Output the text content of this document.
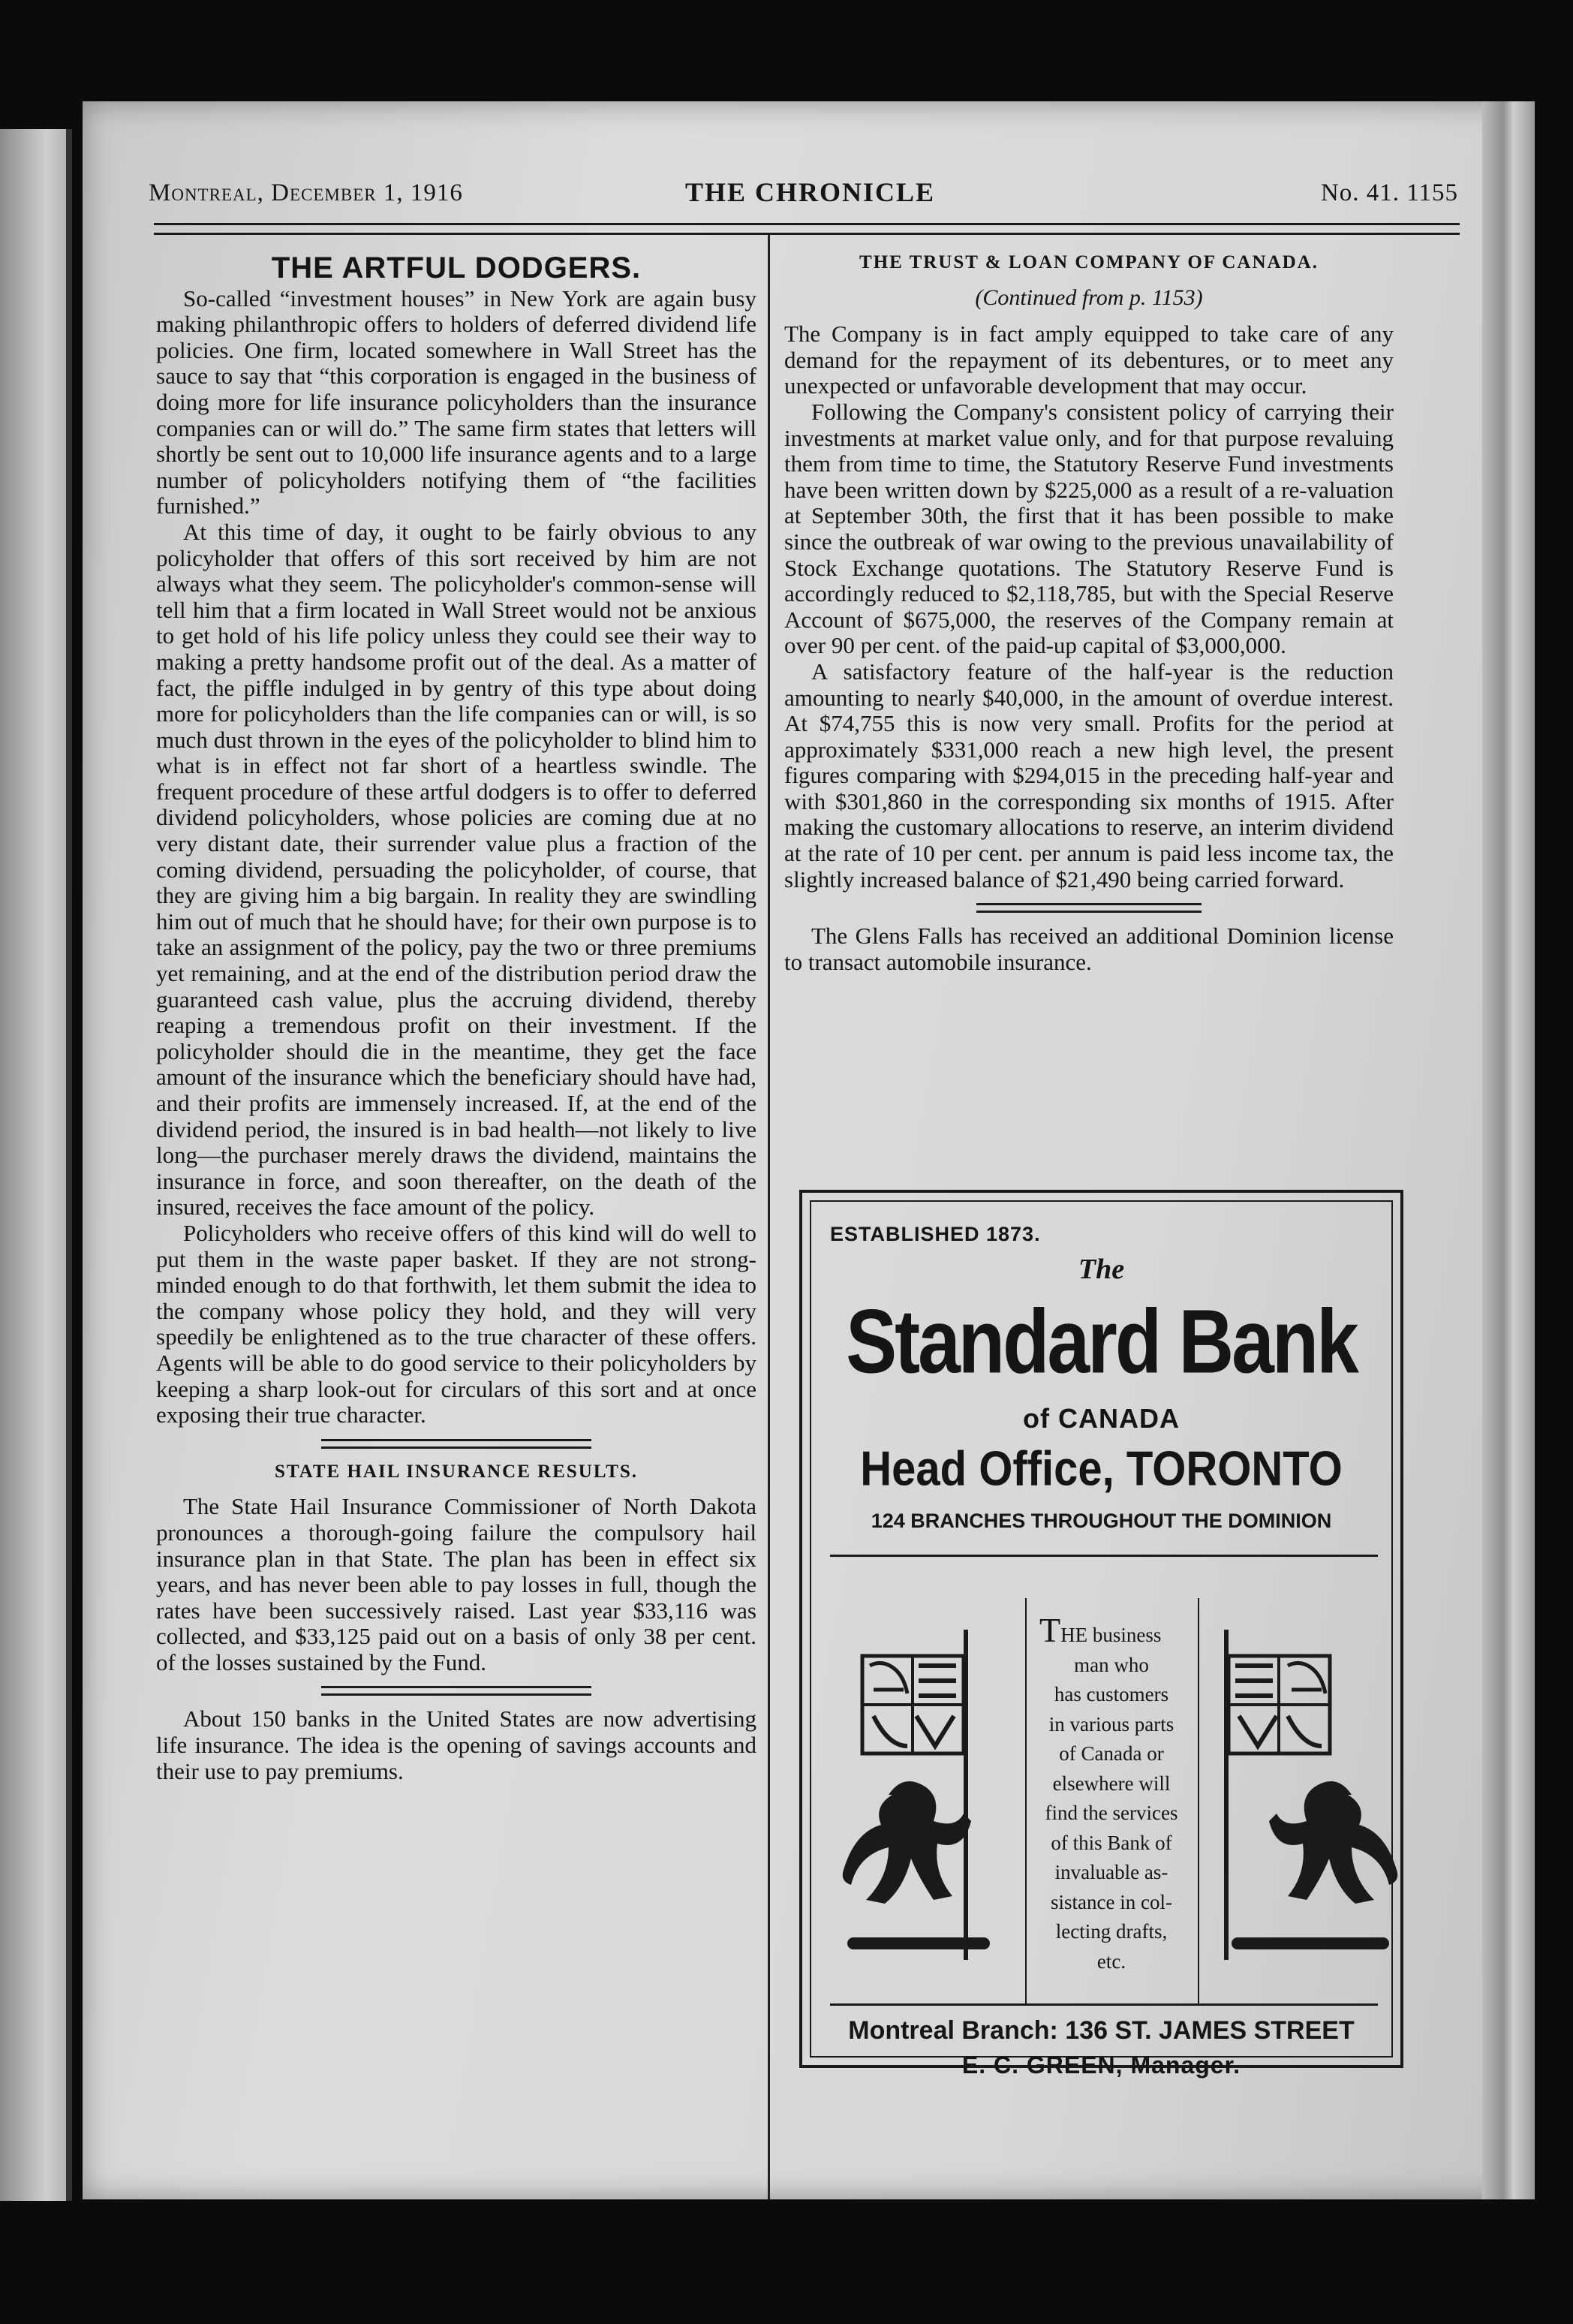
Montreal, December 1, 1916	THE CHRONICLE	No. 41. 1155
THE ARTFUL DODGERS.

So-called “investment houses” in New York are again busy making philanthropic offers to holders of deferred dividend life policies. One firm, located somewhere in Wall Street has the sauce to say that “this corporation is engaged in the business of doing more for life insurance policyholders than the insurance companies can or will do.” The same firm states that letters will shortly be sent out to 10,000 life insurance agents and to a large number of policyholders notifying them of “the facilities furnished.”

At this time of day, it ought to be fairly obvious to any policyholder that offers of this sort received by him are not always what they seem. The policyholder's common-sense will tell him that a firm located in Wall Street would not be anxious to get hold of his life policy unless they could see their way to making a pretty handsome profit out of the deal. As a matter of fact, the piffle indulged in by gentry of this type about doing more for policyholders than the life companies can or will, is so much dust thrown in the eyes of the policyholder to blind him to what is in effect not far short of a heartless swindle. The frequent procedure of these artful dodgers is to offer to deferred dividend policyholders, whose policies are coming due at no very distant date, their surrender value plus a fraction of the coming dividend, persuading the policyholder, of course, that they are giving him a big bargain. In reality they are swindling him out of much that he should have; for their own purpose is to take an assignment of the policy, pay the two or three premiums yet remaining, and at the end of the distribution period draw the guaranteed cash value, plus the accruing dividend, thereby reaping a tremendous profit on their investment. If the policyholder should die in the meantime, they get the face amount of the insurance which the beneficiary should have had, and their profits are immensely increased. If, at the end of the dividend period, the insured is in bad health—not likely to live long—the purchaser merely draws the dividend, maintains the insurance in force, and soon thereafter, on the death of the insured, receives the face amount of the policy.

Policyholders who receive offers of this kind will do well to put them in the waste paper basket. If they are not strong-minded enough to do that forthwith, let them submit the idea to the company whose policy they hold, and they will very speedily be enlightened as to the true character of these offers. Agents will be able to do good service to their policyholders by keeping a sharp look-out for circulars of this sort and at once exposing their true character.

STATE HAIL INSURANCE RESULTS.

The State Hail Insurance Commissioner of North Dakota pronounces a thorough-going failure the compulsory hail insurance plan in that State. The plan has been in effect six years, and has never been able to pay losses in full, though the rates have been successively raised. Last year $33,116 was collected, and $33,125 paid out on a basis of only 38 per cent. of the losses sustained by the Fund.

About 150 banks in the United States are now advertising life insurance. The idea is the opening of savings accounts and their use to pay premiums.

THE TRUST & LOAN COMPANY OF CANADA.
(Continued from p. 1153)

The Company is in fact amply equipped to take care of any demand for the repayment of its debentures, or to meet any unexpected or unfavorable development that may occur.

Following the Company's consistent policy of carrying their investments at market value only, and for that purpose revaluing them from time to time, the Statutory Reserve Fund investments have been written down by $225,000 as a result of a re-valuation at September 30th, the first that it has been possible to make since the outbreak of war owing to the previous unavailability of Stock Exchange quotations. The Statutory Reserve Fund is accordingly reduced to $2,118,785, but with the Special Reserve Account of $675,000, the reserves of the Company remain at over 90 per cent. of the paid-up capital of $3,000,000.

A satisfactory feature of the half-year is the reduction amounting to nearly $40,000, in the amount of overdue interest. At $74,755 this is now very small. Profits for the period at approximately $331,000 reach a new high level, the present figures comparing with $294,015 in the preceding half-year and with $301,860 in the corresponding six months of 1915. After making the customary allocations to reserve, an interim dividend at the rate of 10 per cent. per annum is paid less income tax, the slightly increased balance of $21,490 being carried forward.

The Glens Falls has received an additional Dominion license to transact automobile insurance.

ESTABLISHED 1873.
The
Standard Bank
of CANADA
Head Office, TORONTO
124 BRANCHES THROUGHOUT THE DOMINION
THE business
man who
has customers
in various parts
of Canada or
elsewhere will
find the services
of this Bank of
invaluable as-
sistance in col-
lecting drafts,
etc.
Montreal Branch: 136 ST. JAMES STREET
E. C. GREEN, Manager.
